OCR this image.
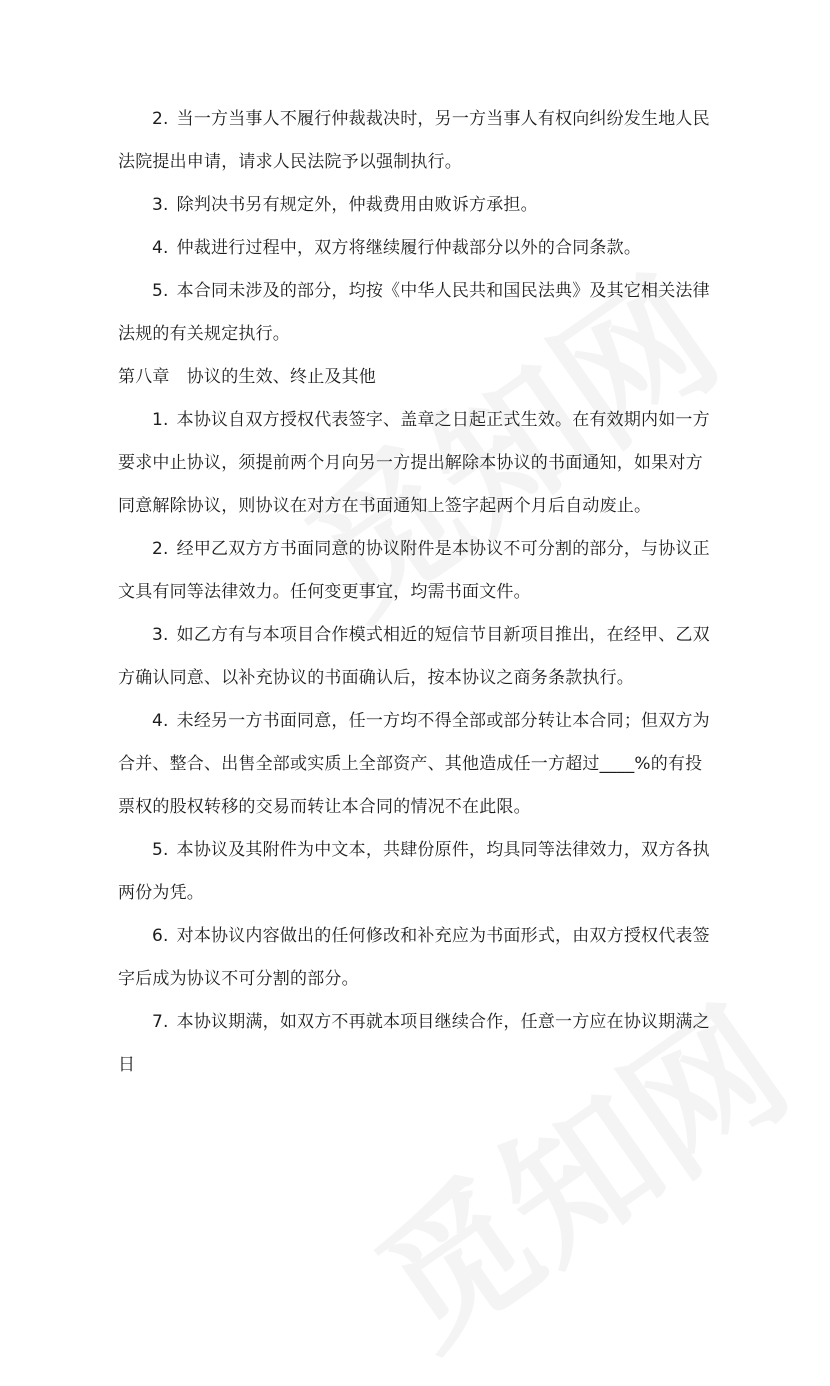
2. 当一方当事人不履行仲裁裁决时，另一方当事人有权向纠纷发生地人民法院提出申请，请求人民法院予以强制执行。

3. 除判决书另有规定外，仲裁费用由败诉方承担。

4. 仲裁进行过程中，双方将继续履行仲裁部分以外的合同条款。

5. 本合同未涉及的部分，均按《中华人民共和国民法典》及其它相关法律法规的有关规定执行。

第八章　协议的生效、终止及其他

1. 本协议自双方授权代表签字、盖章之日起正式生效。在有效期内如一方要求中止协议，须提前两个月向另一方提出解除本协议的书面通知，如果对方同意解除协议，则协议在对方在书面通知上签字起两个月后自动废止。

2. 经甲乙双方方书面同意的协议附件是本协议不可分割的部分，与协议正文具有同等法律效力。任何变更事宜，均需书面文件。

3. 如乙方有与本项目合作模式相近的短信节目新项目推出，在经甲、乙双方确认同意、以补充协议的书面确认后，按本协议之商务条款执行。

4. 未经另一方书面同意，任一方均不得全部或部分转让本合同；但双方为合并、整合、出售全部或实质上全部资产、其他造成任一方超过____%的有投票权的股权转移的交易而转让本合同的情况不在此限。

5. 本协议及其附件为中文本，共肆份原件，均具同等法律效力，双方各执两份为凭。

6. 对本协议内容做出的任何修改和补充应为书面形式，由双方授权代表签字后成为协议不可分割的部分。

7. 本协议期满，如双方不再就本项目继续合作，任意一方应在协议期满之日
